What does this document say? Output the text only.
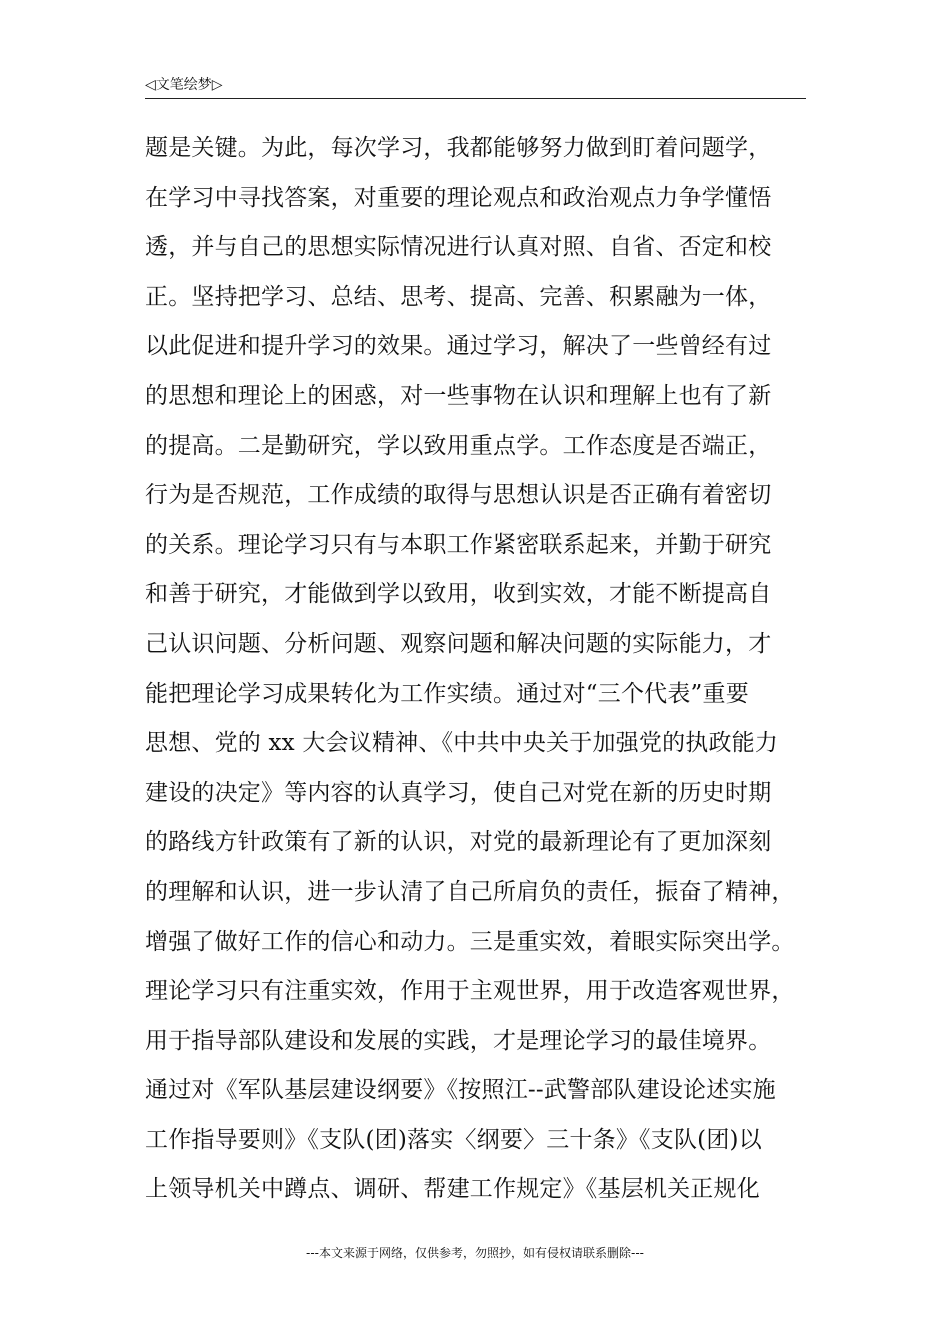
◁文笔绘梦▷
题是关键。为此，每次学习，我都能够努力做到盯着问题学，
在学习中寻找答案，对重要的理论观点和政治观点力争学懂悟
透，并与自己的思想实际情况进行认真对照、自省、否定和校
正。坚持把学习、总结、思考、提高、完善、积累融为一体，
以此促进和提升学习的效果。通过学习，解决了一些曾经有过
的思想和理论上的困惑，对一些事物在认识和理解上也有了新
的提高。二是勤研究，学以致用重点学。工作态度是否端正，
行为是否规范，工作成绩的取得与思想认识是否正确有着密切
的关系。理论学习只有与本职工作紧密联系起来，并勤于研究
和善于研究，才能做到学以致用，收到实效，才能不断提高自
己认识问题、分析问题、观察问题和解决问题的实际能力，才
能把理论学习成果转化为工作实绩。通过对“三个代表”重要
思想、党的 xx 大会议精神、《中共中央关于加强党的执政能力
建设的决定》等内容的认真学习，使自己对党在新的历史时期
的路线方针政策有了新的认识，对党的最新理论有了更加深刻
的理解和认识，进一步认清了自己所肩负的责任，振奋了精神，
增强了做好工作的信心和动力。三是重实效，着眼实际突出学。
理论学习只有注重实效，作用于主观世界，用于改造客观世界，
用于指导部队建设和发展的实践，才是理论学习的最佳境界。
通过对《军队基层建设纲要》《按照江--武警部队建设论述实施
工作指导要则》《支队(团)落实〈纲要〉三十条》《支队(团)以
上领导机关中蹲点、调研、帮建工作规定》《基层机关正规化
---本文来源于网络，仅供参考，勿照抄，如有侵权请联系删除---
